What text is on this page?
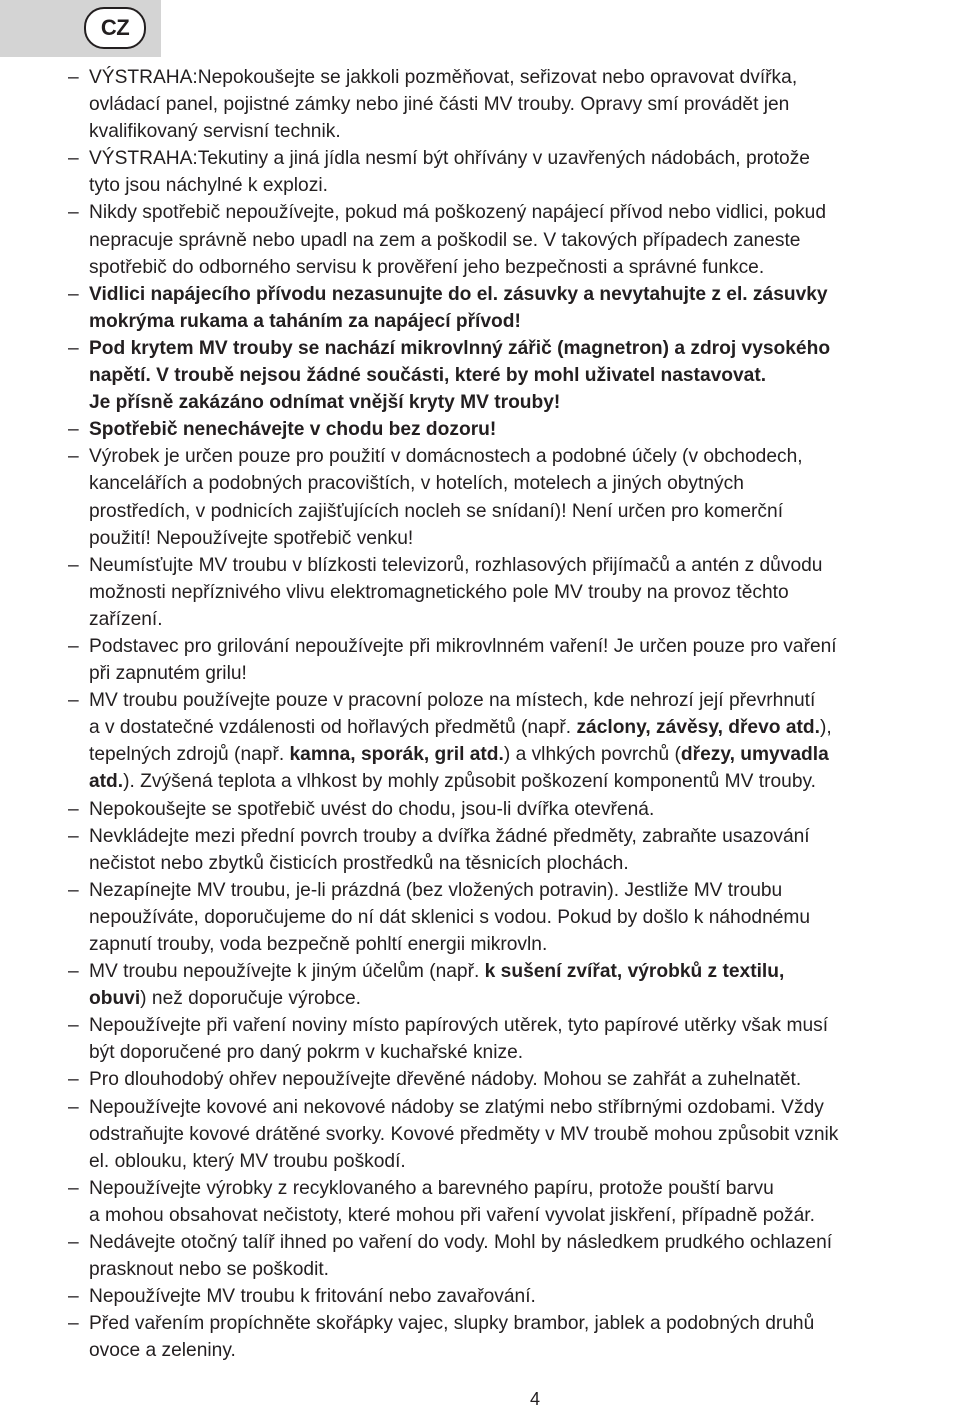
CZ
– VÝSTRAHA:Nepokoušejte se jakkoli pozměňovat, seřizovat nebo opravovat dvířka,
ovládací panel, pojistné zámky nebo jiné části MV trouby. Opravy smí provádět jen
kvalifikovaný servisní technik.
– VÝSTRAHA:Tekutiny a jiná jídla nesmí být ohřívány v uzavřených nádobách, protože
tyto jsou náchylné k explozi.
– Nikdy spotřebič nepoužívejte, pokud má poškozený napájecí přívod nebo vidlici, pokud
nepracuje správně nebo upadl na zem a poškodil se. V takových případech zaneste
spotřebič do odborného servisu k prověření jeho bezpečnosti a správné funkce.
– Vidlici napájecího přívodu nezasunujte do el. zásuvky a nevytahujte z el. zásuvky
mokrýma rukama a taháním za napájecí přívod!
– Pod krytem MV trouby se nachází mikrovlnný zářič (magnetron) a zdroj vysokého
napětí. V troubě nejsou žádné součásti, které by mohl uživatel nastavovat.
Je přísně zakázáno odnímat vnější kryty MV trouby!
– Spotřebič nenechávejte v chodu bez dozoru!
– Výrobek je určen pouze pro použití v domácnostech a podobné účely (v obchodech,
kancelářích a podobných pracovištích, v hotelích, motelech a jiných obytných
prostředích, v podnicích zajišťujících nocleh se snídaní)! Není určen pro komerční
použití! Nepoužívejte spotřebič venku!
– Neumísťujte MV troubu v blízkosti televizorů, rozhlasových přijímačů a antén z důvodu
možnosti nepříznivého vlivu elektromagnetického pole MV trouby na provoz těchto
zařízení.
– Podstavec pro grilování nepoužívejte při mikrovlnném vaření! Je určen pouze pro vaření
při zapnutém grilu!
– MV troubu používejte pouze v pracovní poloze na místech, kde nehrozí její převrhnutí
a v dostatečné vzdálenosti od hořlavých předmětů (např. záclony, závěsy, dřevo atd.),
tepelných zdrojů (např. kamna, sporák, gril atd.) a vlhkých povrchů (dřezy, umyvadla
atd.). Zvýšená teplota a vlhkost by mohly způsobit poškození komponentů MV trouby.
– Nepokoušejte se spotřebič uvést do chodu, jsou-li dvířka otevřená.
– Nevkládejte mezi přední povrch trouby a dvířka žádné předměty, zabraňte usazování
nečistot nebo zbytků čisticích prostředků na těsnicích plochách.
– Nezapínejte MV troubu, je-li prázdná (bez vložených potravin). Jestliže MV troubu
nepoužíváte, doporučujeme do ní dát sklenici s vodou. Pokud by došlo k náhodnému
zapnutí trouby, voda bezpečně pohltí energii mikrovln.
– MV troubu nepoužívejte k jiným účelům (např. k sušení zvířat, výrobků z textilu,
obuvi) než doporučuje výrobce.
– Nepoužívejte při vaření noviny místo papírových utěrek, tyto papírové utěrky však musí
být doporučené pro daný pokrm v kuchařské knize.
– Pro dlouhodobý ohřev nepoužívejte dřevěné nádoby. Mohou se zahřát a zuhelnatět.
– Nepoužívejte kovové ani nekovové nádoby se zlatými nebo stříbrnými ozdobami. Vždy
odstraňujte kovové drátěné svorky. Kovové předměty v MV troubě mohou způsobit vznik
el. oblouku, který MV troubu poškodí.
– Nepoužívejte výrobky z recyklovaného a barevného papíru, protože pouští barvu
a mohou obsahovat nečistoty, které mohou při vaření vyvolat jiskření, případně požár.
– Nedávejte otočný talíř ihned po vaření do vody. Mohl by následkem prudkého ochlazení
prasknout nebo se poškodit.
– Nepoužívejte MV troubu k fritování nebo zavařování.
– Před vařením propíchněte skořápky vajec, slupky brambor, jablek a podobných druhů
ovoce a zeleniny.
4
